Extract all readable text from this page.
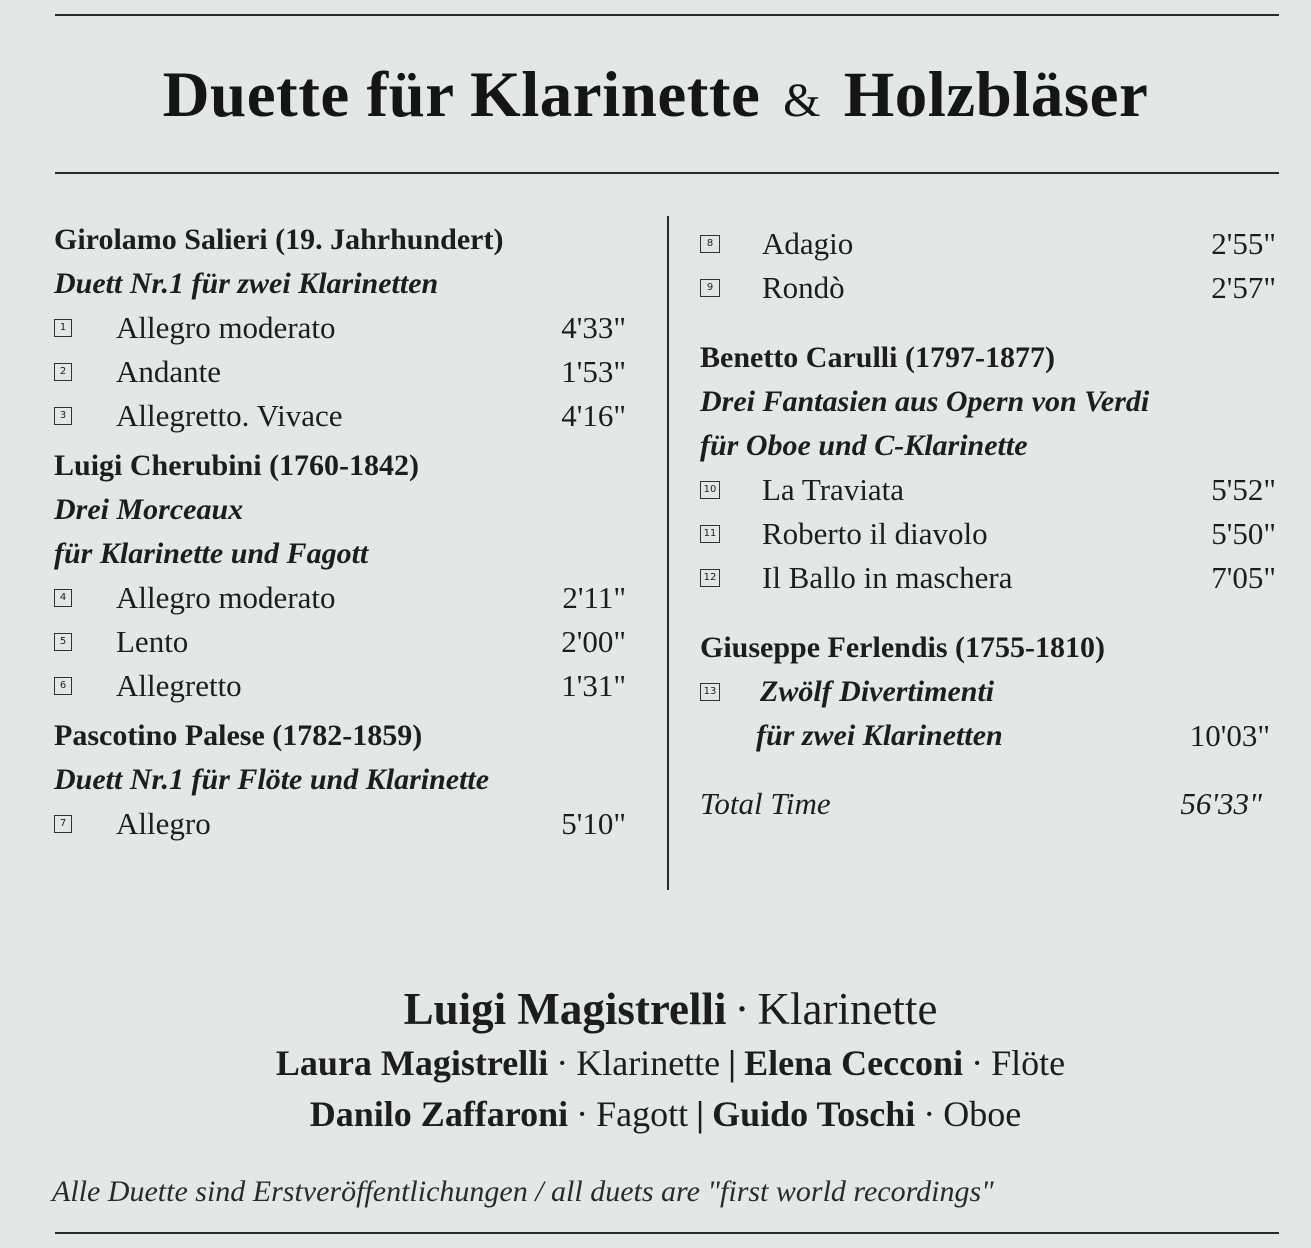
Duette für Klarinette & Holzbläser
Girolamo Salieri (19. Jahrhundert)
Duett Nr.1 für zwei Klarinetten
1 Allegro moderato	4'33"
2 Andante	1'53"
3 Allegretto. Vivace	4'16"
Luigi Cherubini (1760-1842)
Drei Morceaux
für Klarinette und Fagott
4 Allegro moderato	2'11"
5 Lento	2'00"
6 Allegretto	1'31"
Pascotino Palese (1782-1859)
Duett Nr.1 für Flöte und Klarinette
7 Allegro	5'10"
8 Adagio	2'55"
9 Rondò	2'57"
Benetto Carulli (1797-1877)
Drei Fantasien aus Opern von Verdi
für Oboe und C-Klarinette
10 La Traviata	5'52"
11 Roberto il diavolo	5'50"
12 Il Ballo in maschera	7'05"
Giuseppe Ferlendis (1755-1810)
13 Zwölf Divertimenti
für zwei Klarinetten	10'03"
Total Time	56'33"
Luigi Magistrelli · Klarinette
Laura Magistrelli · Klarinette | Elena Cecconi · Flöte
Danilo Zaffaroni · Fagott | Guido Toschi · Oboe
Alle Duette sind Erstveröffentlichungen / all duets are "first world recordings"
